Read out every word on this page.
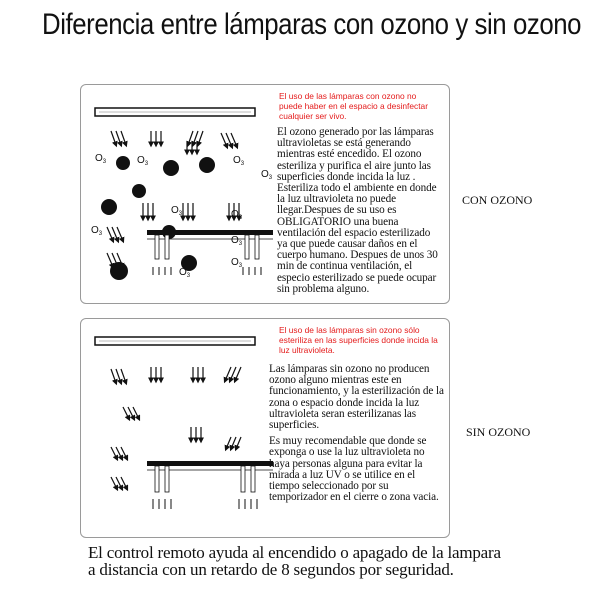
Diferencia entre lámparas con ozono y sin ozono
$O_3$	$O_3$	$O_3$
$O_3$
$O_3$	$O_3$
$O_3$
$O_3$
$O_3$
$O_3$
El uso de las lámparas con ozono no puede haber en el espacio a desinfectar cualquier ser vivo.

El ozono generado por las lámparas ultravioletas se está generando mientras esté encedido. El ozono esteriliza y purifica el aire junto las superficies donde incida la luz . Esteriliza todo el ambiente en donde la luz ultravioleta no puede llegar.Despues de su uso es OBLIGATORIO una buena ventilación del espacio esterilizado ya que puede causar daños en el cuerpo humano. Despues de unos 30 min de continua ventilación, el especio esterilizado se puede ocupar sin problema alguno.

CON OZONO
El uso de las lámparas sin ozono sólo esteriliza en las superficies donde incida la luz ultravioleta.

Las lámparas sin ozono no producen ozono alguno mientras este en funcionamiento, y la esterilización de la zona o espacio donde incida la luz ultravioleta seran esterilizanas las superficies.

Es muy recomendable que donde se exponga o use la luz ultravioleta no haya personas alguna para evitar la mirada a luz UV o se utilice en el tiempo seleccionado por su temporizador en el cierre o zona vacia.

SIN OZONO
El control remoto ayuda al encendido o apagado de la lampara
a distancia con un retardo de 8 segundos por seguridad.
